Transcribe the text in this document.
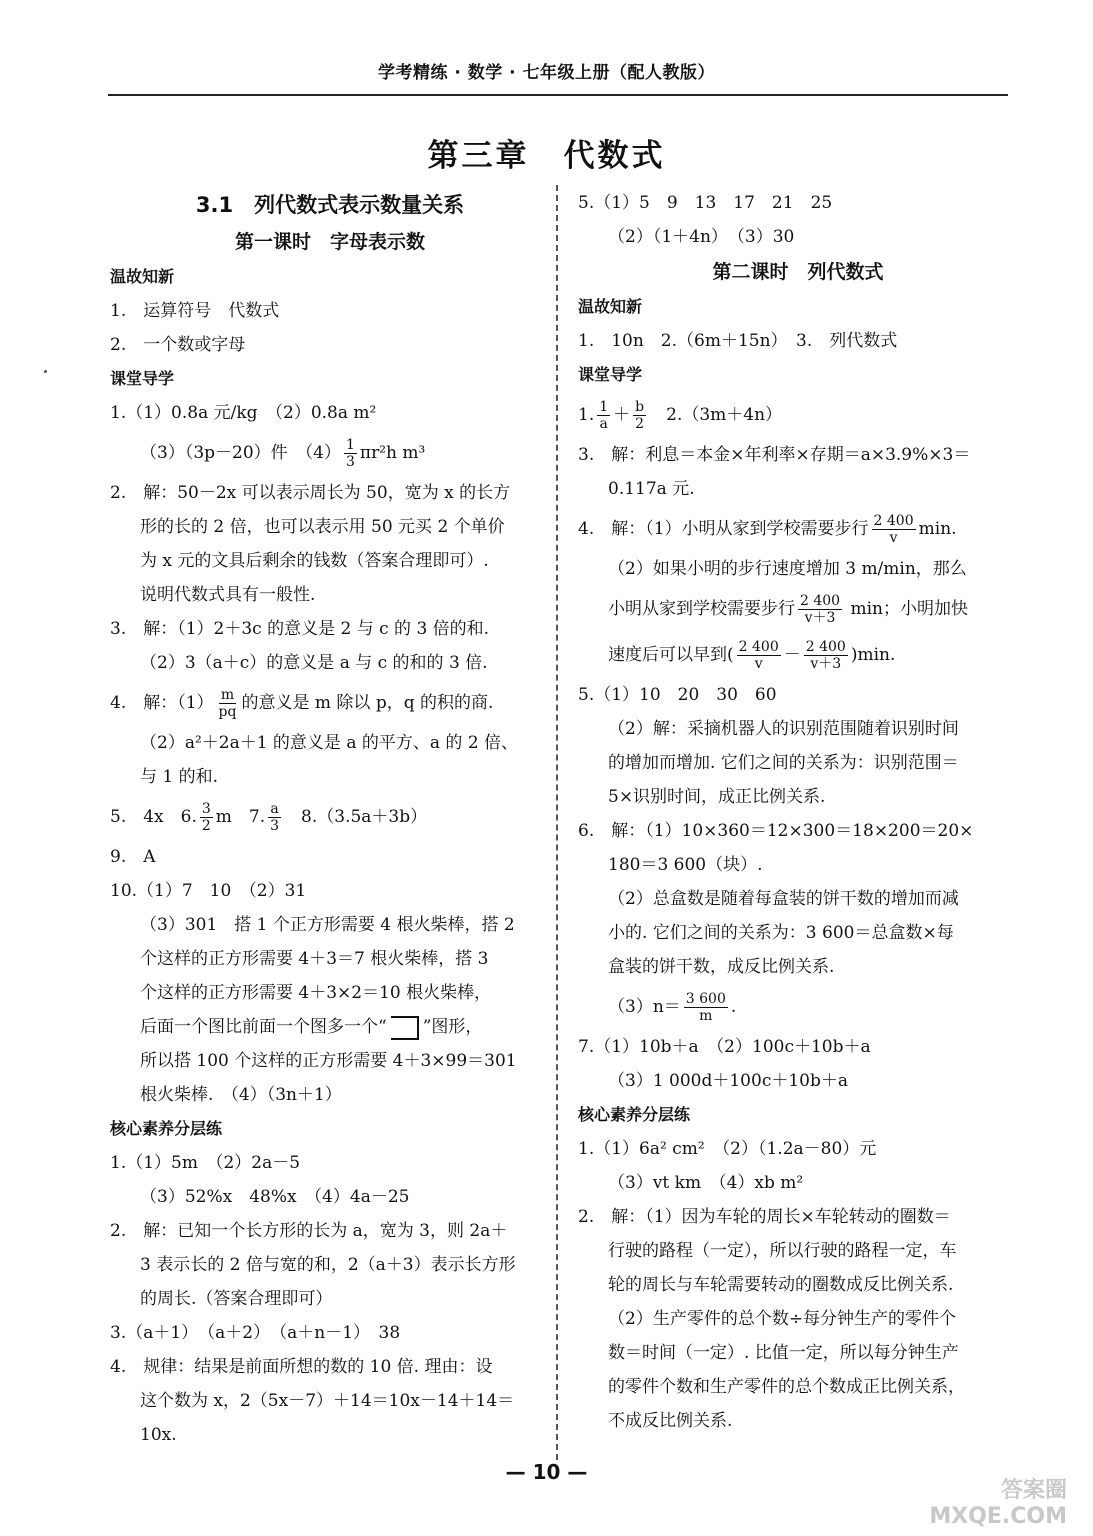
学考精练 · 数学 · 七年级上册（配人教版）
第三章　代数式
3.1　列代数式表示数量关系
第一课时　字母表示数
温故知新
1.　运算符号　代数式
2.　一个数或字母
课堂导学
1.（1）0.8a 元/kg　（2）0.8a m²
（3）（3p－20）件　$(4) \frac{1}{3} \pi r^2h$ m³
2.　解：50－2x 可以表示周长为 50，宽为 x 的长方
形的长的 2 倍，也可以表示用 50 元买 2 个单价
为 x 元的文具后剩余的钱数（答案合理即可）.
说明代数式具有一般性.
3.　解：（1）2＋3c 的意义是 2 与 c 的 3 倍的和.
（2）3（a＋c）的意义是 a 与 c 的和的 3 倍.
4.　解：$(1) \frac{m}{pq}$ 的意义是 m 除以 p，q 的积的商.
（2）a²＋2a＋1 的意义是 a 的平方、a 的 2 倍、
与 1 的和.
5.　4x　6. $\frac{3}{2}$ m　7. $\frac{a}{3}$ 　8.（3.5a＋3b）
9.　A
10.（1）7　10　（2）31
（3）301　搭 1 个正方形需要 4 根火柴棒，搭 2
个这样的正方形需要 4＋3＝7 根火柴棒，搭 3
个这样的正方形需要 4＋3×2＝10 根火柴棒，
后面一个图比前面一个图多一个“ ”图形，
所以搭 100 个这样的正方形需要 4＋3×99＝301
根火柴棒.　（4）（3n＋1）
核心素养分层练
1.（1）5m　（2）2a－5
（3）52%x　48%x　（4）4a－25
2.　解：已知一个长方形的长为 a，宽为 3，则 2a＋
3 表示长的 2 倍与宽的和，2（a＋3）表示长方形
的周长.（答案合理即可）
3.（a＋1）　（a＋2）　（a＋n－1）　38
4.　规律：结果是前面所想的数的 10 倍. 理由：设
这个数为 x，2（5x－7）＋14＝10x－14＋14＝
10x.
5.（1）5　9　13　17　21　25
（2）（1＋4n）　（3）30
第二课时　列代数式
温故知新
1.　10n　2.（6m＋15n）　3.　列代数式
课堂导学
1. $\frac{1}{a} + \frac{b}{2}$ 　2.（3m＋4n）
3.　解：利息＝本金×年利率×存期＝a×3.9%×3＝
0.117a 元.
4.　解：（1）小明从家到学校需要步行 $\frac{2 400}{v} \min$.
（2）如果小明的步行速度增加 3 m/min，那么
小明从家到学校需要步行 $\frac{2 400}{v+3}$ min；小明加快
速度后可以早到( $\frac{2 400}{v} - \frac{2 400}{v+3} )\min$.
5.（1）10　20　30　60
（2）解：采摘机器人的识别范围随着识别时间
的增加而增加. 它们之间的关系为：识别范围＝
5×识别时间，成正比例关系.
6.　解：（1）10×360＝12×300＝18×200＝20×
180＝3 600（块）.
（2）总盒数是随着每盒装的饼干数的增加而减
小的. 它们之间的关系为：3 600＝总盒数×每
盒装的饼干数，成反比例关系.
$(3)n= \frac{3 600}{m}$ .
7.（1）10b＋a　（2）100c＋10b＋a
（3）1 000d＋100c＋10b＋a
核心素养分层练
1.（1）6a² cm²　（2）（1.2a－80）元
（3）vt km　（4）xb m²
2.　解：（1）因为车轮的周长×车轮转动的圈数＝
行驶的路程（一定），所以行驶的路程一定，车
轮的周长与车轮需要转动的圈数成反比例关系.
（2）生产零件的总个数÷每分钟生产的零件个
数＝时间（一定）. 比值一定，所以每分钟生产
的零件个数和生产零件的总个数成正比例关系，
不成反比例关系.
— 10 —
答案圈
MXQE.COM
